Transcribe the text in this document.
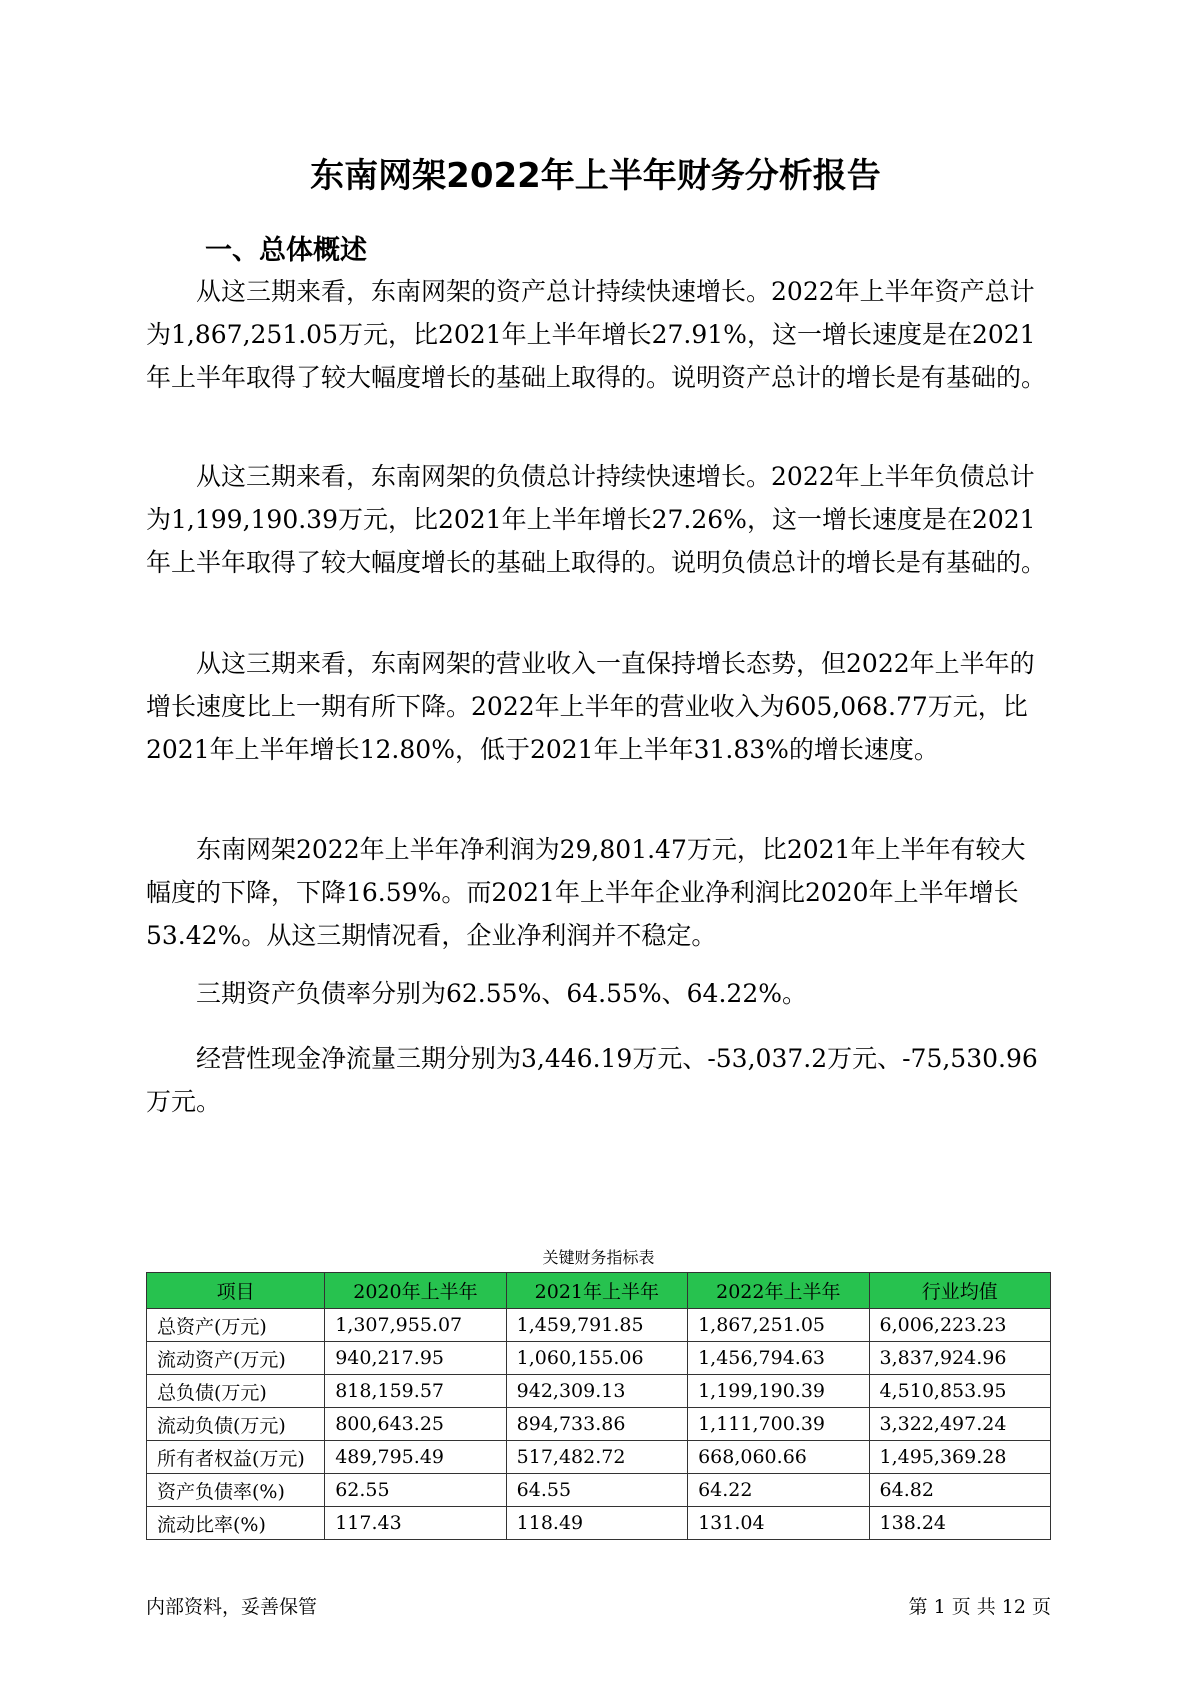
东南网架2022年上半年财务分析报告
一、总体概述

从这三期来看，东南网架的资产总计持续快速增长。2022年上半年资产总计为1,867,251.05万元，比2021年上半年增长27.91%，这一增长速度是在2021年上半年取得了较大幅度增长的基础上取得的。说明资产总计的增长是有基础的。

从这三期来看，东南网架的负债总计持续快速增长。2022年上半年负债总计为1,199,190.39万元，比2021年上半年增长27.26%，这一增长速度是在2021年上半年取得了较大幅度增长的基础上取得的。说明负债总计的增长是有基础的。

从这三期来看，东南网架的营业收入一直保持增长态势，但2022年上半年的增长速度比上一期有所下降。2022年上半年的营业收入为605,068.77万元，比2021年上半年增长12.80%，低于2021年上半年31.83%的增长速度。

东南网架2022年上半年净利润为29,801.47万元，比2021年上半年有较大幅度的下降，下降16.59%。而2021年上半年企业净利润比2020年上半年增长53.42%。从这三期情况看，企业净利润并不稳定。

三期资产负债率分别为62.55%、64.55%、64.22%。

经营性现金净流量三期分别为3,446.19万元、-53,037.2万元、-75,530.96万元。

关键财务指标表
项目	2020年上半年	2021年上半年	2022年上半年	行业均值
总资产(万元)	1,307,955.07	1,459,791.85	1,867,251.05	6,006,223.23
流动资产(万元)	940,217.95	1,060,155.06	1,456,794.63	3,837,924.96
总负债(万元)	818,159.57	942,309.13	1,199,190.39	4,510,853.95
流动负债(万元)	800,643.25	894,733.86	1,111,700.39	3,322,497.24
所有者权益(万元)	489,795.49	517,482.72	668,060.66	1,495,369.28
资产负债率(%)	62.55	64.55	64.22	64.82
流动比率(%)	117.43	118.49	131.04	138.24
内部资料，妥善保管	第 1 页 共 12 页
